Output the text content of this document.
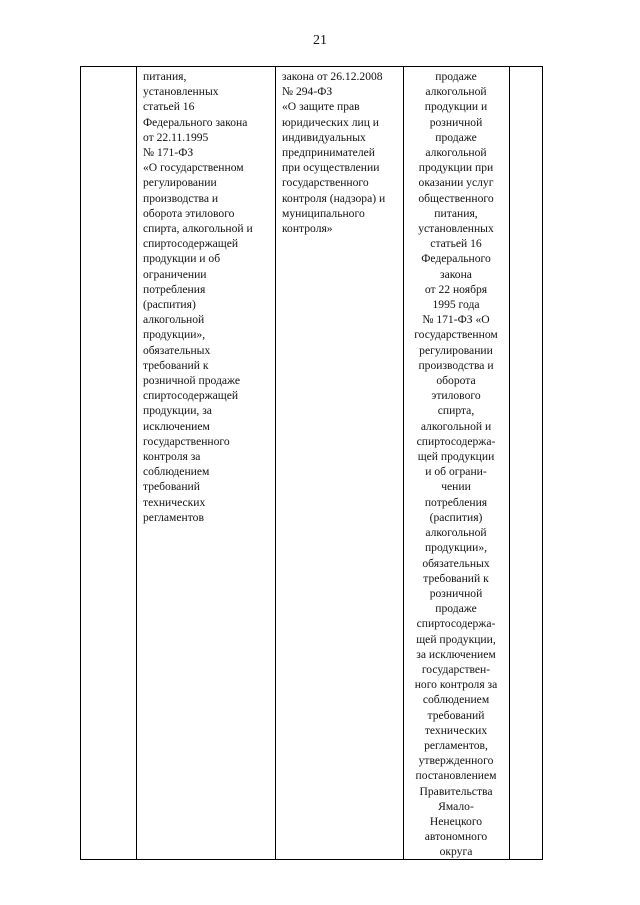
21
питания,
установленных
статьей 16
Федерального закона
от 22.11.1995
№ 171-ФЗ
«О государственном
регулировании
производства и
оборота этилового
спирта, алкогольной и
спиртосодержащей
продукции и об
ограничении
потребления
(распития)
алкогольной
продукции»,
обязательных
требований к
розничной продаже
спиртосодержащей
продукции, за
исключением
государственного
контроля за
соблюдением
требований
технических
регламентов
закона от 26.12.2008
№ 294-ФЗ
«О защите прав
юридических лиц и
индивидуальных
предпринимателей
при осуществлении
государственного
контроля (надзора) и
муниципального
контроля»
продаже
алкогольной
продукции и
розничной
продаже
алкогольной
продукции при
оказании услуг
общественного
питания,
установленных
статьей 16
Федерального
закона
от 22 ноября
1995 года
№ 171-ФЗ «О
государственном
регулировании
производства и
оборота
этилового
спирта,
алкогольной и
спиртосодержа-
щей продукции
и об ограни-
чении
потребления
(распития)
алкогольной
продукции»,
обязательных
требований к
розничной
продаже
спиртосодержа-
щей продукции,
за исключением
государствен-
ного контроля за
соблюдением
требований
технических
регламентов,
утвержденного
постановлением
Правительства
Ямало-
Ненецкого
автономного
округа
